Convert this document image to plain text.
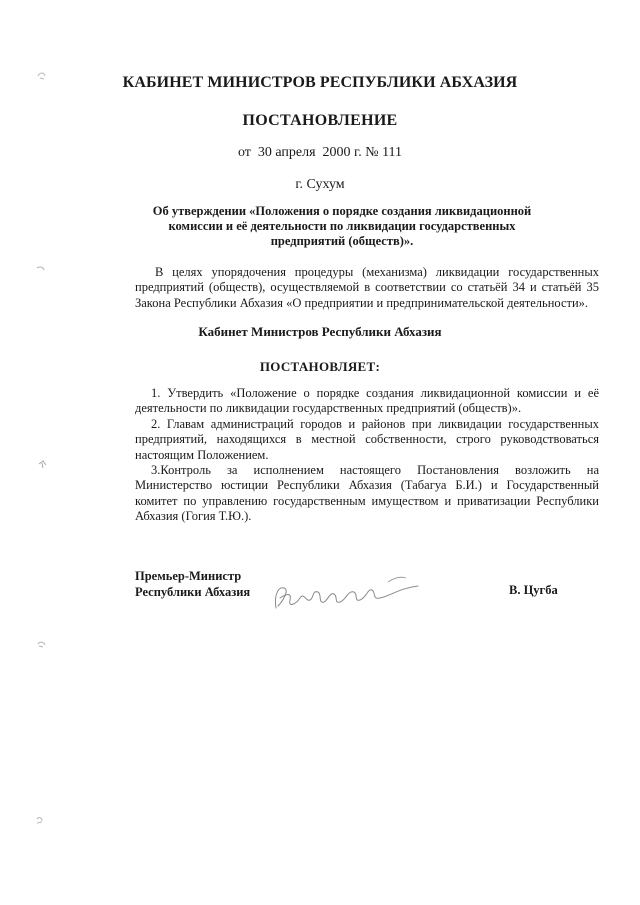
КАБИНЕТ МИНИСТРОВ РЕСПУБЛИКИ АБХАЗИЯ
ПОСТАНОВЛЕНИЕ
от  30 апреля  2000 г. № 111
г. Сухум
Об утверждении «Положения о порядке создания ликвидационной комиссии и её деятельности по ликвидации государственных предприятий (обществ)».
В целях упорядочения процедуры (механизма) ликвидации государственных предприятий (обществ), осуществляемой в соответствии со статьёй 34 и статьёй 35 Закона Республики Абхазия «О предприятии и предпринимательской деятельности».
Кабинет Министров Республики Абхазия
ПОСТАНОВЛЯЕТ:
1. Утвердить «Положение о порядке создания ликвидационной комиссии и её деятельности по ликвидации государственных предприятий (обществ)».
2. Главам администраций городов и районов при ликвидации государственных предприятий, находящихся в местной собственности, строго руководствоваться настоящим Положением.
3.Контроль за исполнением настоящего Постановления возложить на Министерство юстиции Республики Абхазия (Табагуа Б.И.) и Государственный комитет по управлению государственным имуществом и приватизации Республики Абхазия (Гогия Т.Ю.).
Премьер-Министр
Республики Абхазия	В. Цугба
